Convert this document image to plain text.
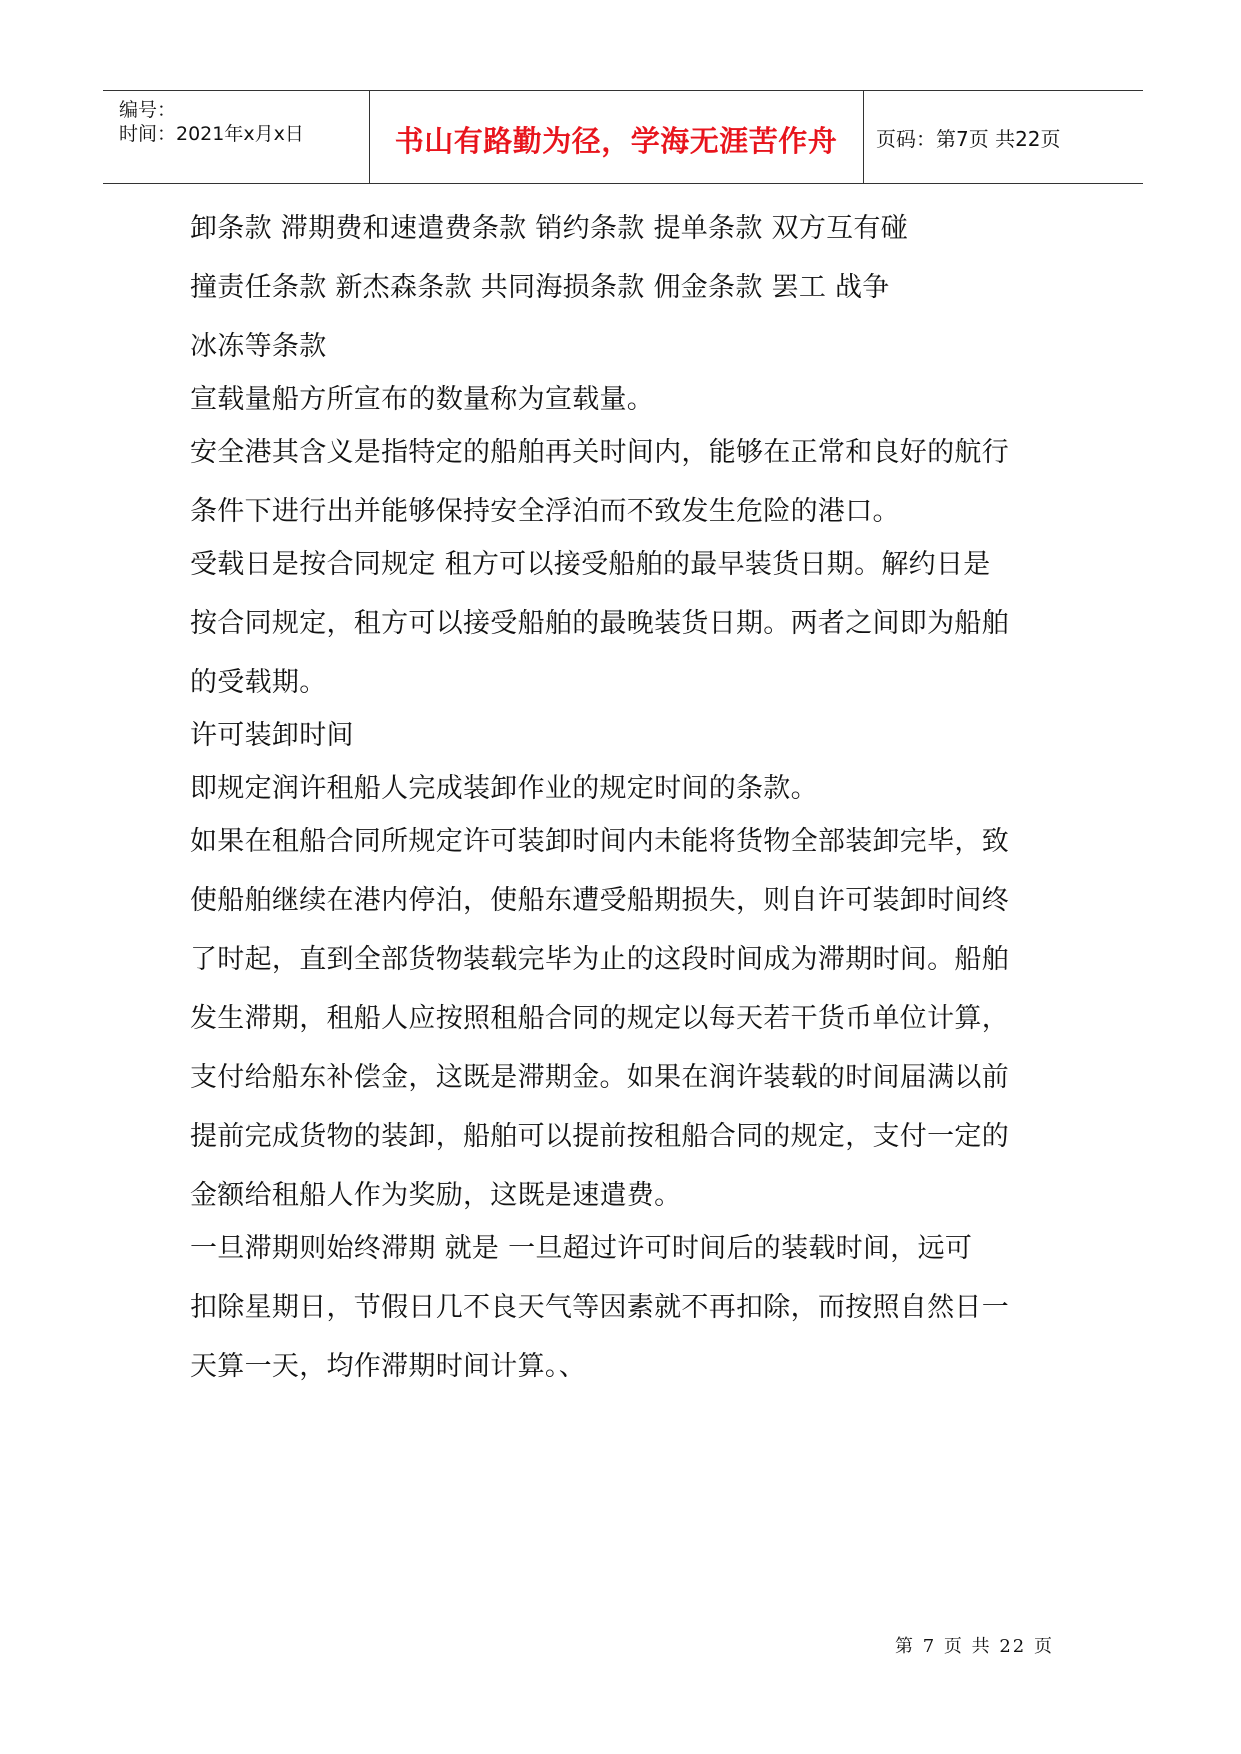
编号：
时间：2021年x月x日	书山有路勤为径，学海无涯苦作舟	页码：第7页 共22页
卸条款 滞期费和速遣费条款 销约条款 提单条款 双方互有碰
撞责任条款 新杰森条款 共同海损条款 佣金条款 罢工 战争
冰冻等条款
宣载量船方所宣布的数量称为宣载量。
安全港其含义是指特定的船舶再关时间内，能够在正常和良好的航行
条件下进行出并能够保持安全浮泊而不致发生危险的港口。
受载日是按合同规定 租方可以接受船舶的最早装货日期。解约日是
按合同规定，租方可以接受船舶的最晚装货日期。两者之间即为船舶
的受载期。
许可装卸时间
即规定润许租船人完成装卸作业的规定时间的条款。
如果在租船合同所规定许可装卸时间内未能将货物全部装卸完毕，致
使船舶继续在港内停泊，使船东遭受船期损失，则自许可装卸时间终
了时起，直到全部货物装载完毕为止的这段时间成为滞期时间。船舶
发生滞期，租船人应按照租船合同的规定以每天若干货币单位计算，
支付给船东补偿金，这既是滞期金。如果在润许装载的时间届满以前
提前完成货物的装卸，船舶可以提前按租船合同的规定，支付一定的
金额给租船人作为奖励，这既是速遣费。
一旦滞期则始终滞期 就是 一旦超过许可时间后的装载时间，远可
扣除星期日，节假日几不良天气等因素就不再扣除，而按照自然日一
天算一天，均作滞期时间计算。、
第 7 页 共 22 页
